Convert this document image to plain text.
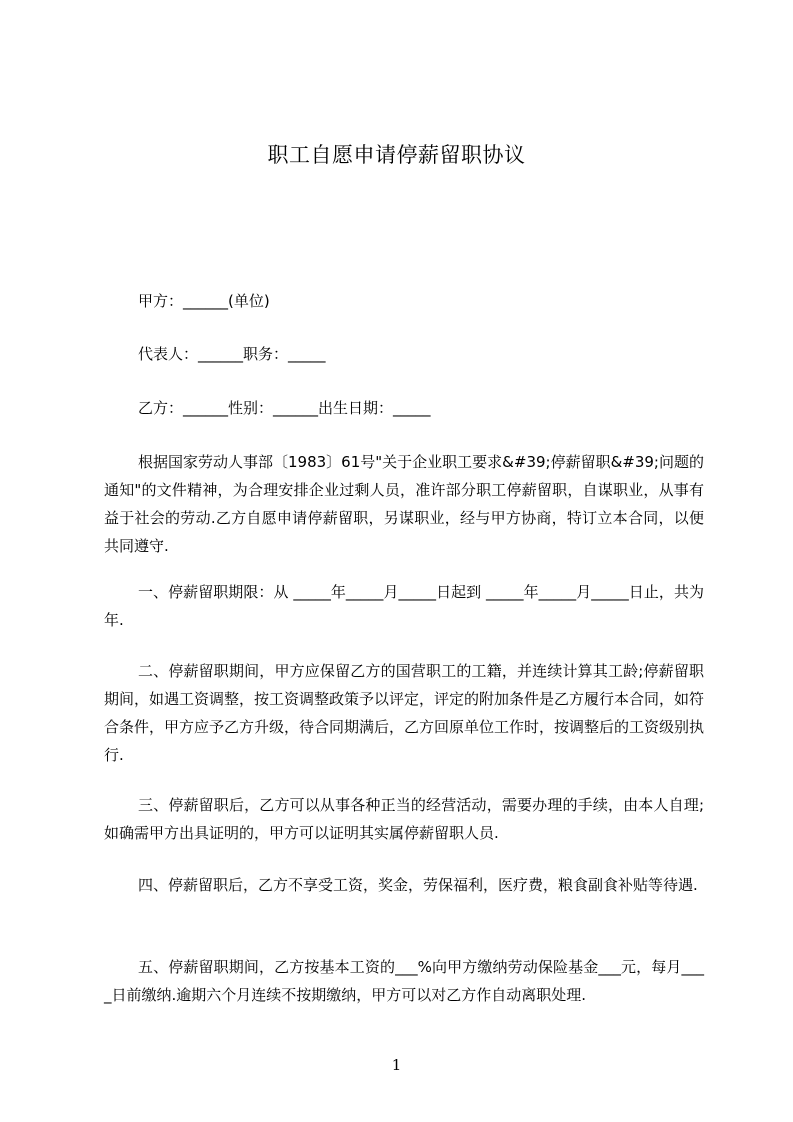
职工自愿申请停薪留职协议
甲方：______(单位)
代表人：______职务：_____
乙方：______性别：______出生日期：_____
根据国家劳动人事部〔1983〕61号"关于企业职工要求&#39;停薪留职&#39;问题的通知"的文件精神，为合理安排企业过剩人员，准许部分职工停薪留职，自谋职业，从事有益于社会的劳动.乙方自愿申请停薪留职，另谋职业，经与甲方协商，特订立本合同，以便共同遵守.
一、停薪留职期限：从 _____年_____月_____日起到 _____年_____月_____日止，共为 年.
二、停薪留职期间，甲方应保留乙方的国营职工的工籍，并连续计算其工龄;停薪留职期间，如遇工资调整，按工资调整政策予以评定，评定的附加条件是乙方履行本合同，如符合条件，甲方应予乙方升级，待合同期满后，乙方回原单位工作时，按调整后的工资级别执行.
三、停薪留职后，乙方可以从事各种正当的经营活动，需要办理的手续，由本人自理;如确需甲方出具证明的，甲方可以证明其实属停薪留职人员.
四、停薪留职后，乙方不享受工资，奖金，劳保福利，医疗费，粮食副食补贴等待遇.
五、停薪留职期间，乙方按基本工资的___%向甲方缴纳劳动保险基金___元，每月____日前缴纳.逾期六个月连续不按期缴纳，甲方可以对乙方作自动离职处理.
1
